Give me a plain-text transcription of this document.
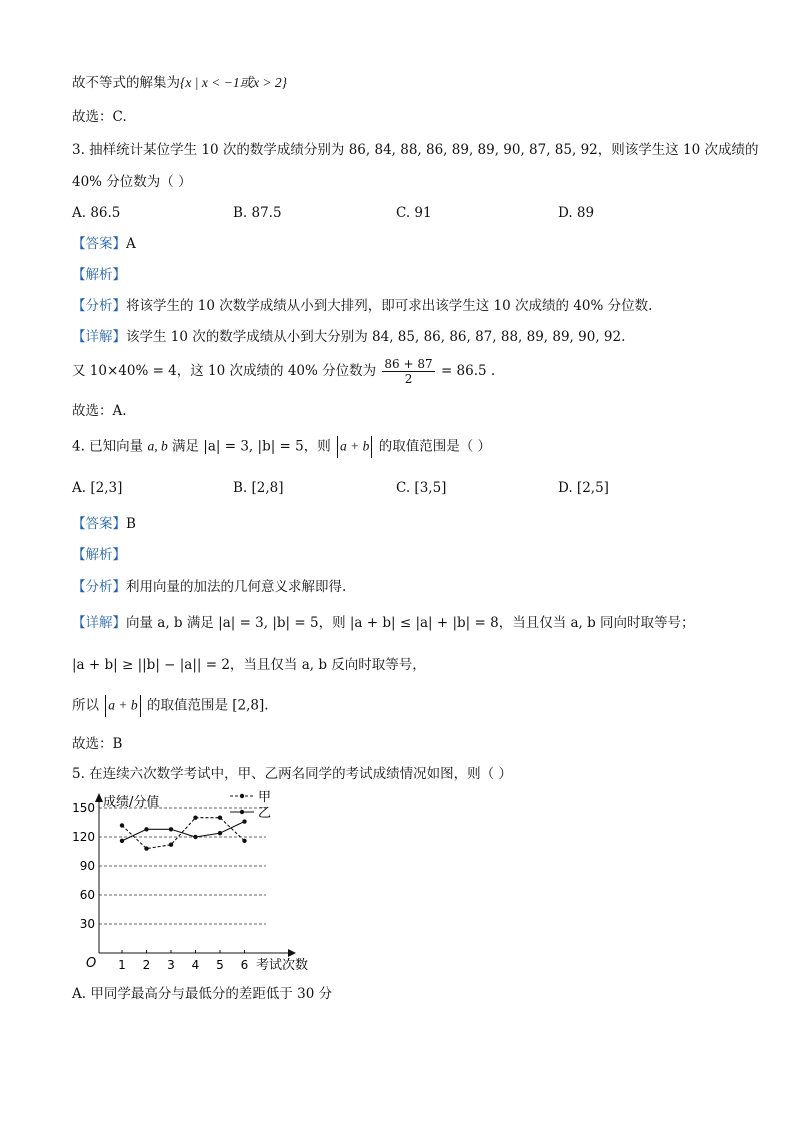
故不等式的解集为{x | x < −1或x > 2}
故选：C.
3. 抽样统计某位学生 10 次的数学成绩分别为 86, 84, 88, 86, 89, 89, 90, 87, 85, 92，则该学生这 10 次成绩的
40% 分位数为（ ）
A. 86.5	B. 87.5	C. 91	D. 89
【答案】A
【解析】
【分析】将该学生的 10 次数学成绩从小到大排列，即可求出该学生这 10 次成绩的 40% 分位数.
【详解】该学生 10 次的数学成绩从小到大分别为 84, 85, 86, 86, 87, 88, 89, 89, 90, 92.
又 10×40% = 4，这 10 次成绩的 40% 分位数为 $\frac{86 + 87}{2} = 86.5$ .
故选：A.
4. 已知向量 a, b 满足 |a| = 3, |b| = 5，则 a + b 的取值范围是（ ）
A. [2,3]	B. [2,8]	C. [3,5]	D. [2,5]
【答案】B
【解析】
【分析】利用向量的加法的几何意义求解即得.
【详解】向量 a, b 满足 |a| = 3, |b| = 5，则 |a + b| ≤ |a| + |b| = 8，当且仅当 a, b 同向时取等号；
|a + b| ≥ ||b| − |a|| = 2，当且仅当 a, b 反向时取等号，
所以 a + b 的取值范围是 [2,8].
故选：B
5. 在连续六次数学考试中，甲、乙两名同学的考试成绩情况如图，则（ ）
成绩/分值
考试次数
O
30
60
90
120
150
1 2 3 4 5 6
甲
乙
A. 甲同学最高分与最低分的差距低于 30 分
